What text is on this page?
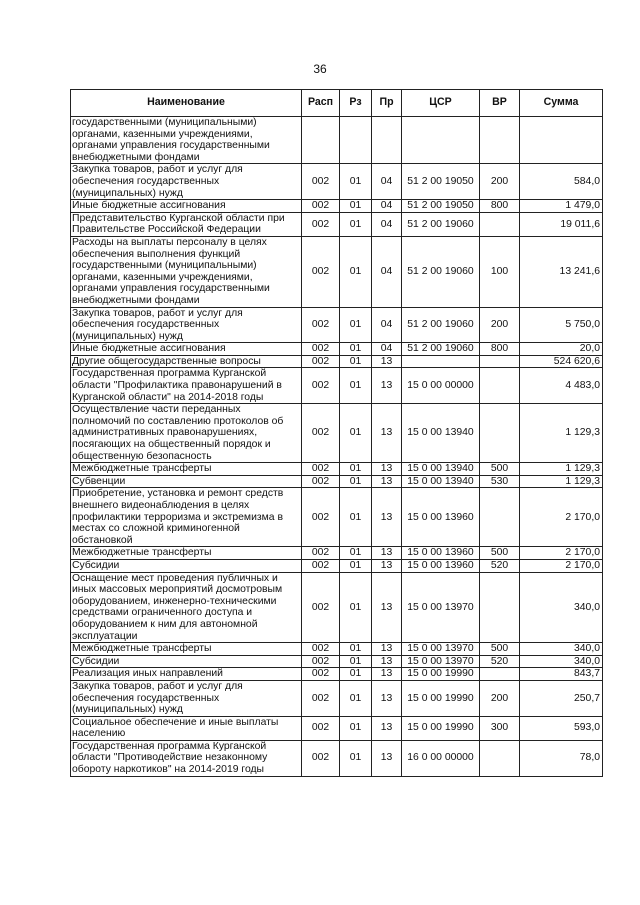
36
Наименование	Расп	Рз	Пр	ЦСР	ВР	Сумма
государственными (муниципальными) органами, казенными учреждениями, органами управления государственными внебюджетными фондами						
Закупка товаров, работ и услуг для обеспечения государственных (муниципальных) нужд	002	01	04	51 2 00 19050	200	584,0
Иные бюджетные ассигнования	002	01	04	51 2 00 19050	800	1 479,0
Представительство Курганской области при Правительстве Российской Федерации	002	01	04	51 2 00 19060		19 011,6
Расходы на выплаты персоналу в целях обеспечения выполнения функций государственными (муниципальными) органами, казенными учреждениями, органами управления государственными внебюджетными фондами	002	01	04	51 2 00 19060	100	13 241,6
Закупка товаров, работ и услуг для обеспечения государственных (муниципальных) нужд	002	01	04	51 2 00 19060	200	5 750,0
Иные бюджетные ассигнования	002	01	04	51 2 00 19060	800	20,0
Другие общегосударственные вопросы	002	01	13			524 620,6
Государственная программа Курганской области "Профилактика правонарушений в Курганской области" на 2014-2018 годы	002	01	13	15 0 00 00000		4 483,0
Осуществление части переданных полномочий по составлению протоколов об административных правонарушениях, посягающих на общественный порядок и общественную безопасность	002	01	13	15 0 00 13940		1 129,3
Межбюджетные трансферты	002	01	13	15 0 00 13940	500	1 129,3
Субвенции	002	01	13	15 0 00 13940	530	1 129,3
Приобретение, установка и ремонт средств внешнего видеонаблюдения в целях профилактики терроризма и экстремизма в местах со сложной криминогенной обстановкой	002	01	13	15 0 00 13960		2 170,0
Межбюджетные трансферты	002	01	13	15 0 00 13960	500	2 170,0
Субсидии	002	01	13	15 0 00 13960	520	2 170,0
Оснащение мест проведения публичных и иных массовых мероприятий досмотровым оборудованием, инженерно-техническими средствами ограниченного доступа и оборудованием к ним для автономной эксплуатации	002	01	13	15 0 00 13970		340,0
Межбюджетные трансферты	002	01	13	15 0 00 13970	500	340,0
Субсидии	002	01	13	15 0 00 13970	520	340,0
Реализация иных направлений	002	01	13	15 0 00 19990		843,7
Закупка товаров, работ и услуг для обеспечения государственных (муниципальных) нужд	002	01	13	15 0 00 19990	200	250,7
Социальное обеспечение и иные выплаты населению	002	01	13	15 0 00 19990	300	593,0
Государственная программа Курганской области "Противодействие незаконному обороту наркотиков" на 2014-2019 годы	002	01	13	16 0 00 00000		78,0
